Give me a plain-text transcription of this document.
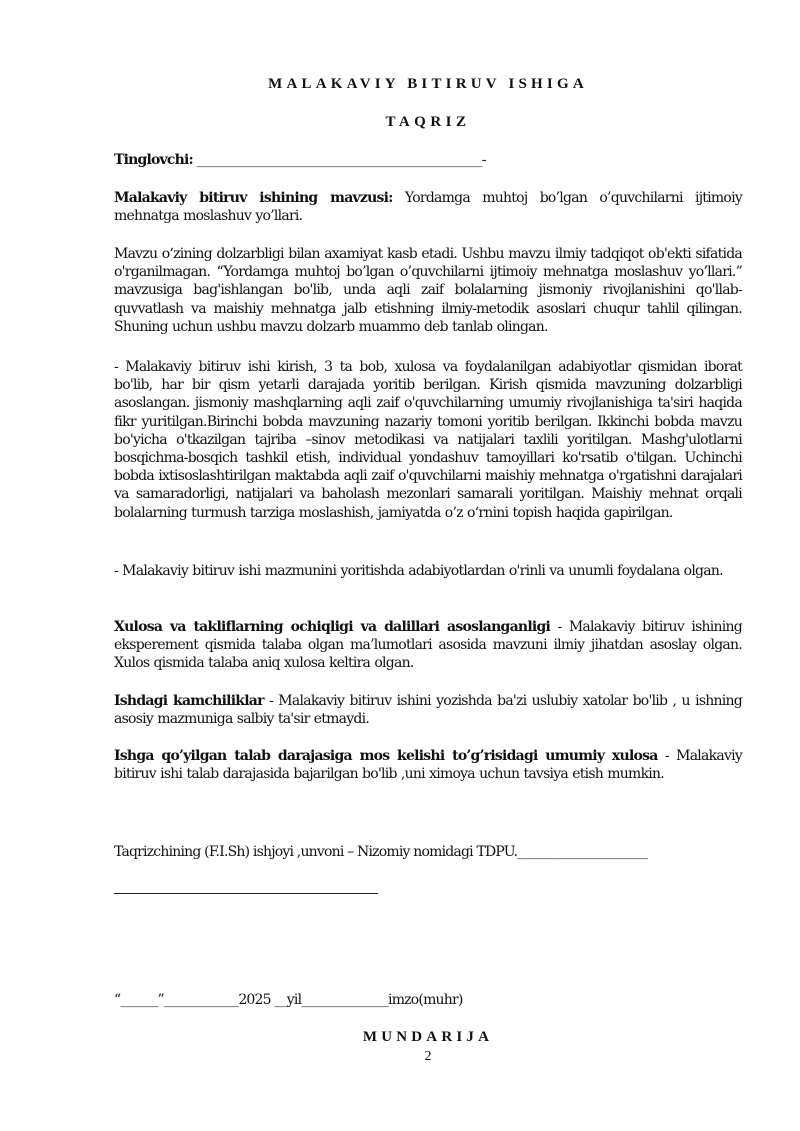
MALAKAVIY BITIRUV ISHIGA
TAQRIZ
Tinglovchi: ______________________________________________-
Malakaviy bitiruv ishining mavzusi: Yordamga muhtoj bo’lgan o’quvchilarni ijtimoiy mehnatga moslashuv yo’llari.
Mavzu o‘zining dolzarbligi bilan axamiyat kasb etadi. Ushbu mavzu ilmiy tadqiqot ob'ekti sifatida o'rganilmagan. “Yordamga muhtoj bo’lgan o’quvchilarni ijtimoiy mehnatga moslashuv yo’llari.” mavzusiga bag'ishlangan bo'lib, unda aqli zaif bolalarning jismoniy rivojlanishini qo'llab-quvvatlash va maishiy mehnatga jalb etishning ilmiy-metodik asoslari chuqur tahlil qilingan. Shuning uchun ushbu mavzu dolzarb muammo deb tanlab olingan.
- Malakaviy bitiruv ishi kirish, 3 ta bob, xulosa va foydalanilgan adabiyotlar qismidan iborat bo'lib, har bir qism yetarli darajada yoritib berilgan. Kirish qismida mavzuning dolzarbligi asoslangan. jismoniy mashqlarning aqli zaif o'quvchilarning umumiy rivojlanishiga ta'siri haqida fikr yuritilgan.Birinchi bobda mavzuning nazariy tomoni yoritib berilgan. Ikkinchi bobda mavzu bo'yicha o'tkazilgan tajriba –sinov metodikasi va natijalari taxlili yoritilgan. Mashg'ulotlarni bosqichma-bosqich tashkil etish, individual yondashuv tamoyillari ko'rsatib o'tilgan. Uchinchi bobda ixtisoslashtirilgan maktabda aqli zaif o'quvchilarni maishiy mehnatga o'rgatishni darajalari va samaradorligi, natijalari va baholash mezonlari samarali yoritilgan. Maishiy mehnat orqali bolalarning turmush tarziga moslashish, jamiyatda o’z o‘rnini topish haqida gapirilgan.
- Malakaviy bitiruv ishi mazmunini yoritishda adabiyotlardan o'rinli va unumli foydalana olgan.
Xulosa va takliflarning ochiqligi va dalillari asoslanganligi - Malakaviy bitiruv ishining eksperement qismida talaba olgan ma’lumotlari asosida mavzuni ilmiy jihatdan asoslay olgan. Xulos qismida talaba aniq xulosa keltira olgan.
Ishdagi kamchiliklar - Malakaviy bitiruv ishini yozishda ba'zi uslubiy xatolar bo'lib , u ishning asosiy mazmuniga salbiy ta'sir etmaydi.
Ishga qo’yilgan talab darajasiga mos kelishi to’g’risidagi umumiy xulosa - Malakaviy bitiruv ishi talab darajasida bajarilgan bo'lib ,uni ximoya uchun tavsiya etish mumkin.
Taqrizchining (F.I.Sh) ishjoyi ,unvoni – Nizomiy nomidagi TDPU._____________________
“______”____________2025 __yil______________imzo(muhr)
MUNDARIJA
2
